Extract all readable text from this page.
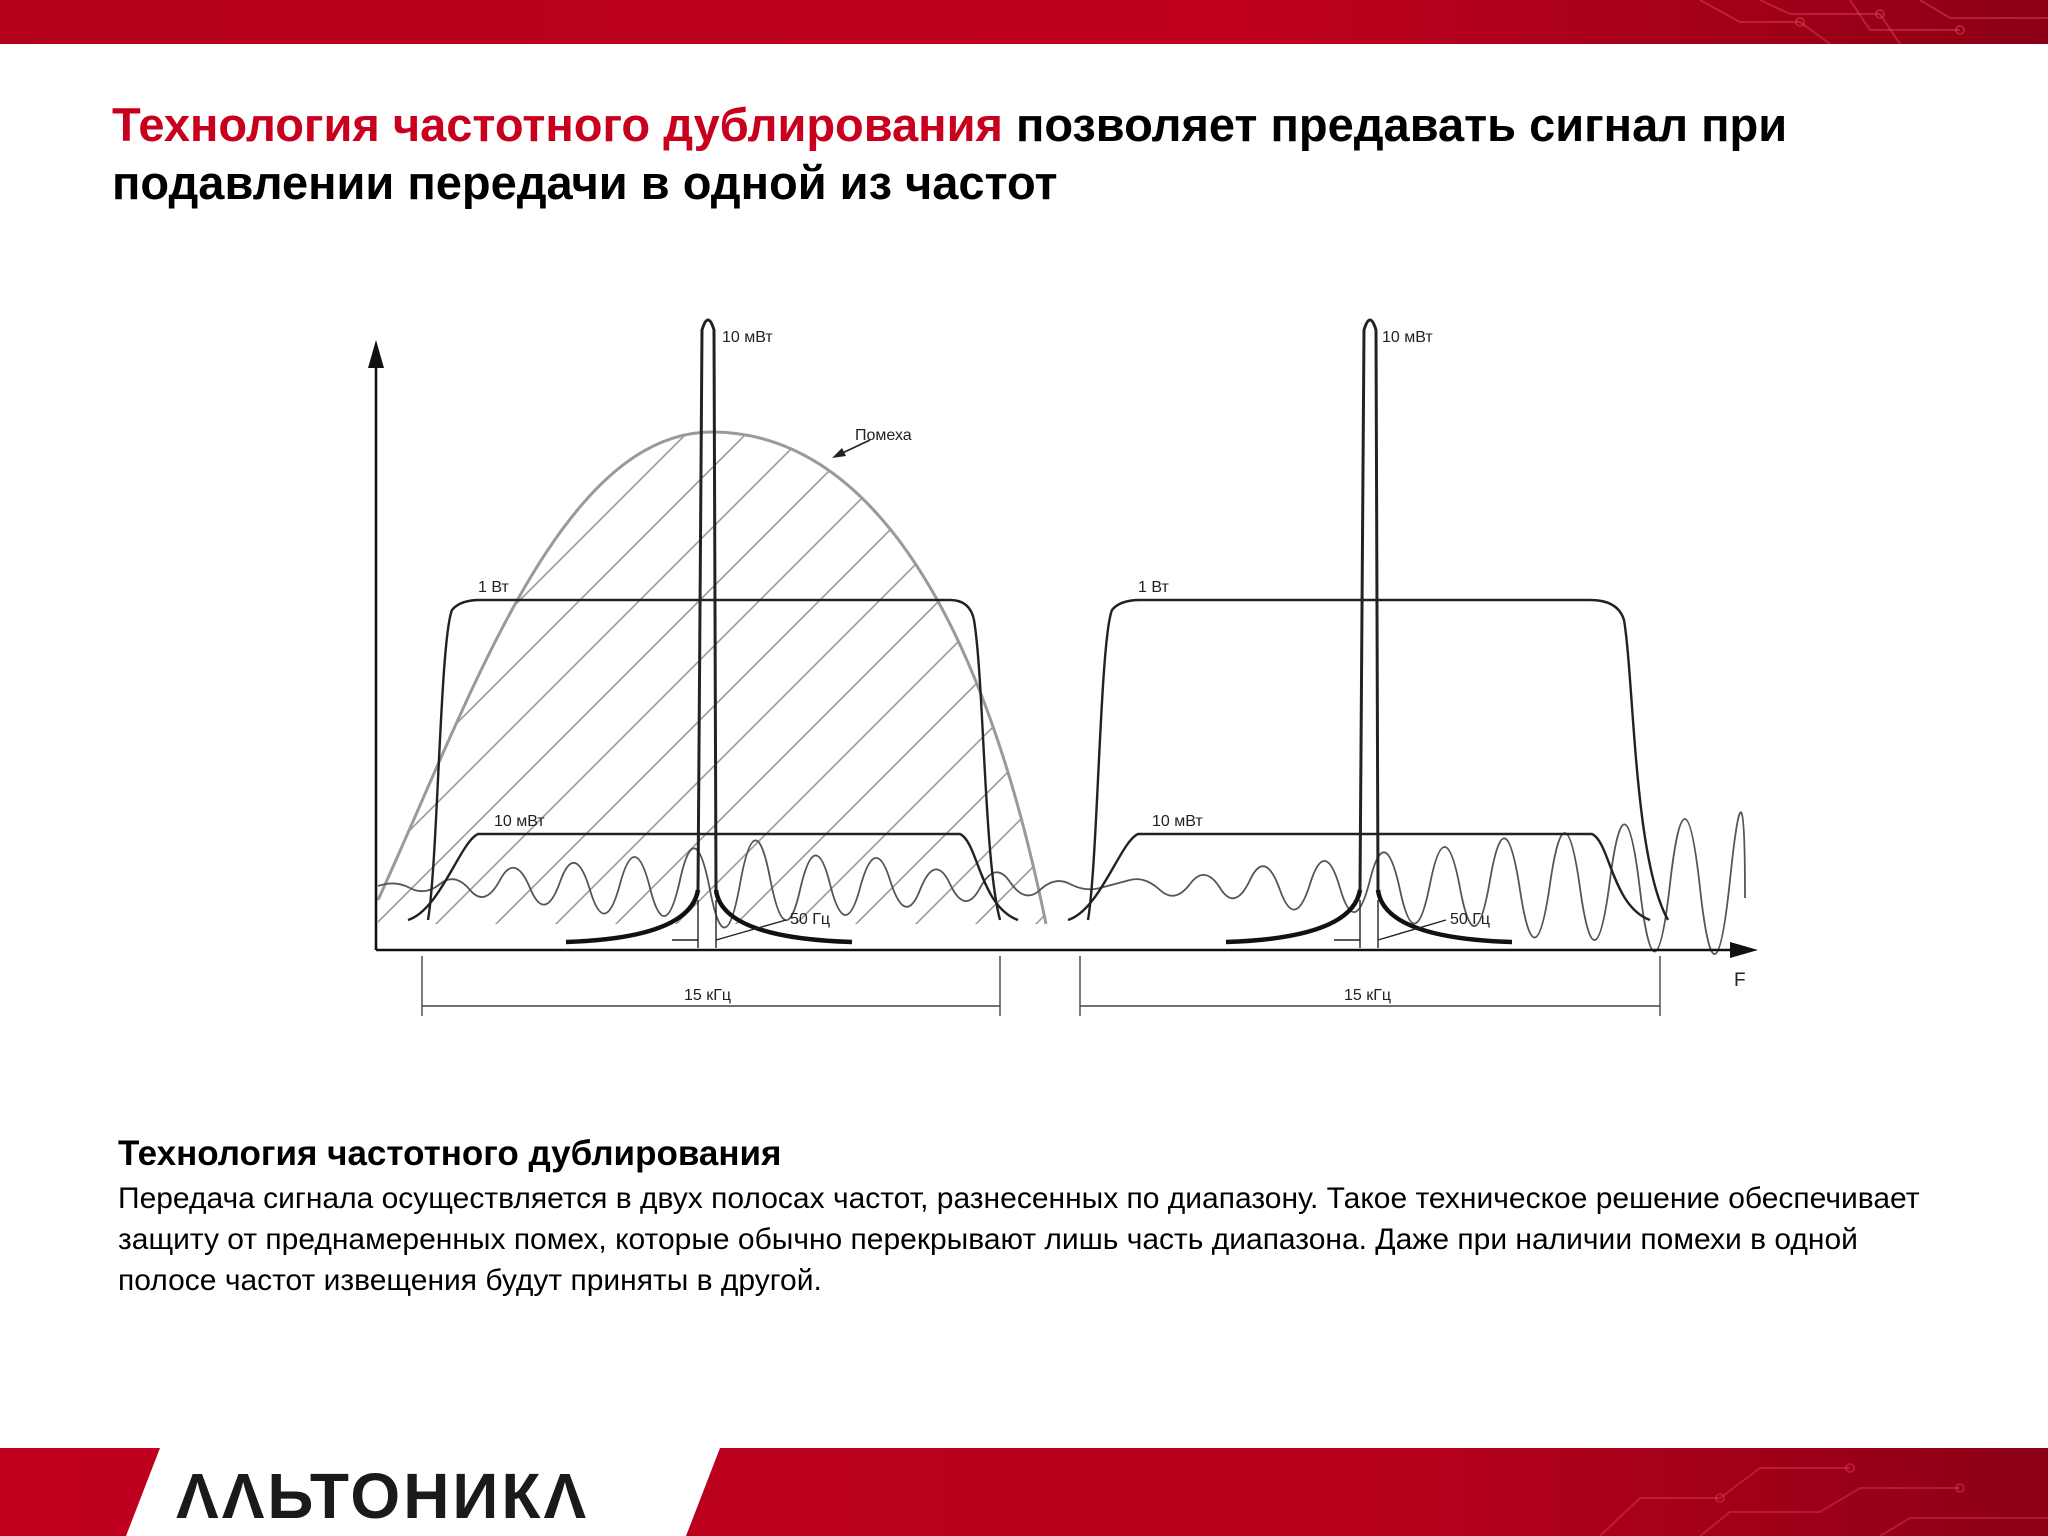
Технология частотного дублирования позволяет предавать сигнал при подавлении передачи в одной из частот
F
10 мВт
Помеха
1 Вт
10 мВт
50 Гц
15 кГц
10 мВт
1 Вт
10 мВт
50 Гц
15 кГц
Технология частотного дублирования

Передача сигнала осуществляется в двух полосах частот, разнесенных по диапазону. Такое техническое решение обеспечивает защиту от преднамеренных помех, которые обычно перекрывают лишь часть диапазона. Даже при наличии помехи в одной полосе частот извещения будут приняты в другой.

ΛΛЬТОНИКΛ
